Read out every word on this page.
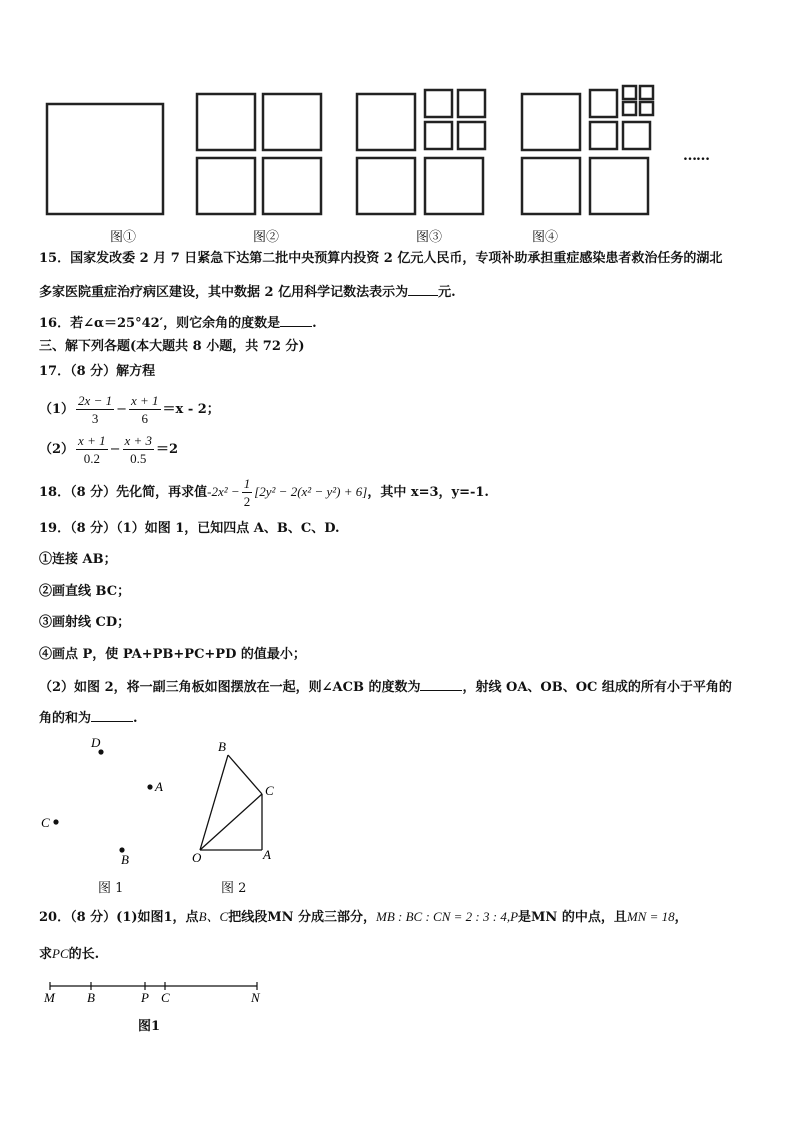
图①	图②	图③	图④
……
15．国家发改委 2 月 7 日紧急下达第二批中央预算内投资 2 亿元人民币，专项补助承担重症感染患者救治任务的湖北
多家医院重症治疗病区建设，其中数据 2 亿用科学记数法表示为 元.
16．若∠α＝25°42′，则它余角的度数是 .
三、解下列各题(本大题共 8 小题，共 72 分)
17．（8 分）解方程
$(1) \frac{2x - 1}{3} - \frac{x + 1}{6} =x - 2$；
$(2) \frac{x + 1}{0.2} - \frac{x + 3}{0.5} =2$
18．（8 分）先化简，再求值$-2x^2 - \frac{1}{2} [2y^2 - 2(x^2 - y^2) + 6]$，其中 x=3，y=-1.
19．（8 分）（1）如图 1，已知四点 A、B、C、D.
①连接 AB；
②画直线 BC；
③画射线 CD；
④画点 P，使 PA+PB+PC+PD 的值最小；
（2）如图 2，将一副三角板如图摆放在一起，则∠ACB 的度数为	，射线 OA、OB、OC 组成的所有小于平角的
角的和为	.
D
A
C
B
B
C
O	A
图 1	图 2
20．（8 分）(1)如图1，点B、C把线段MN 分成三部分，MB : BC : CN = 2 : 3 : 4,P是MN 的中点，且MN = 18，
求PC的长.
M B	P C	N
图1
